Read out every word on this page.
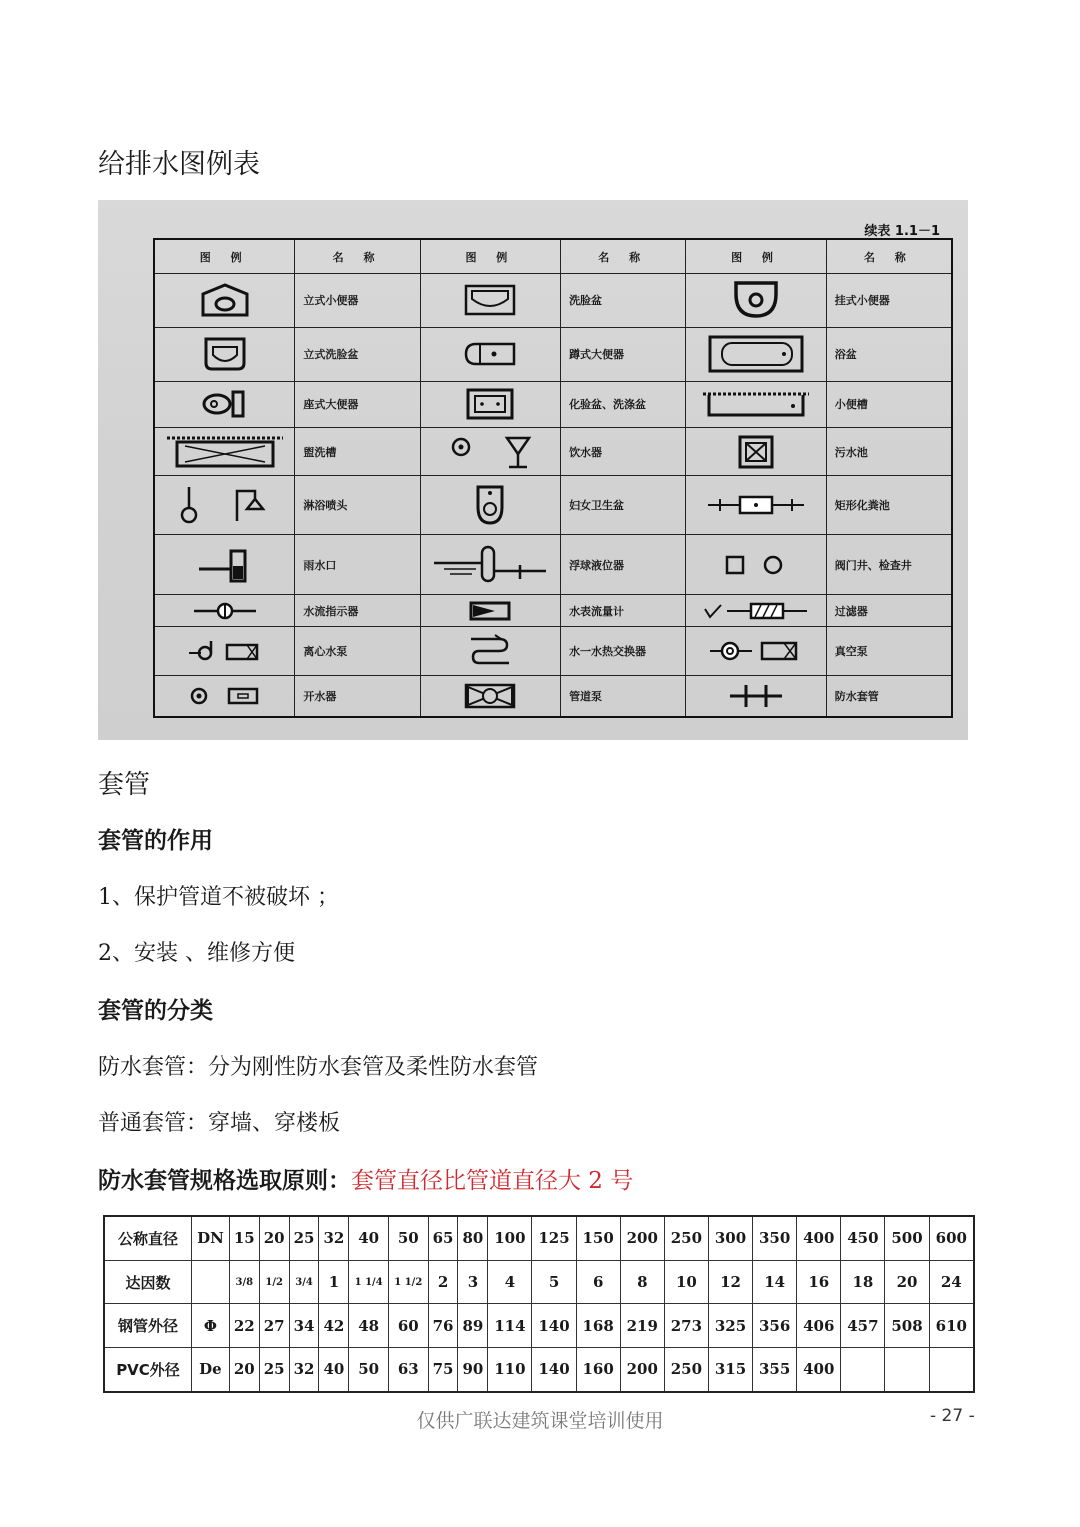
给排水图例表
续表 1.1－1
图 例	名 称	图 例	名 称	图 例	名 称

	立式小便器		洗脸盆		挂式小便器

	立式洗脸盆		蹲式大便器		浴盆

	座式大便器		化验盆、洗涤盆		小便槽

	盥洗槽		饮水器		污水池

	淋浴喷头		妇女卫生盆		矩形化粪池

	雨水口		浮球液位器		阀门井、检查井

	水流指示器		水表流量计		过滤器

	离心水泵		水一水热交换器		真空泵

	开水器		管道泵		防水套管
套管
套管的作用
1、保护管道不被破坏 ；
2、安装 、维修方便
套管的分类
防水套管：分为刚性防水套管及柔性防水套管
普通套管：穿墙、穿楼板
防水套管规格选取原则：套管直径比管道直径大 2 号
公称直径	DN	15	20	25	32	40	50	65	80	100	125	150	200	250	300	350	400	450	500	600
达因数		3/8	1/2	3/4	1	1 1/4	1 1/2	2	3	4	5	6	8	10	12	14	16	18	20	24
钢管外径	Φ	22	27	34	42	48	60	76	89	114	140	168	219	273	325	356	406	457	508	610
PVC外径	De	20	25	32	40	50	63	75	90	110	140	160	200	250	315	355	400			
仅供广联达建筑课堂培训使用	- 27 -
